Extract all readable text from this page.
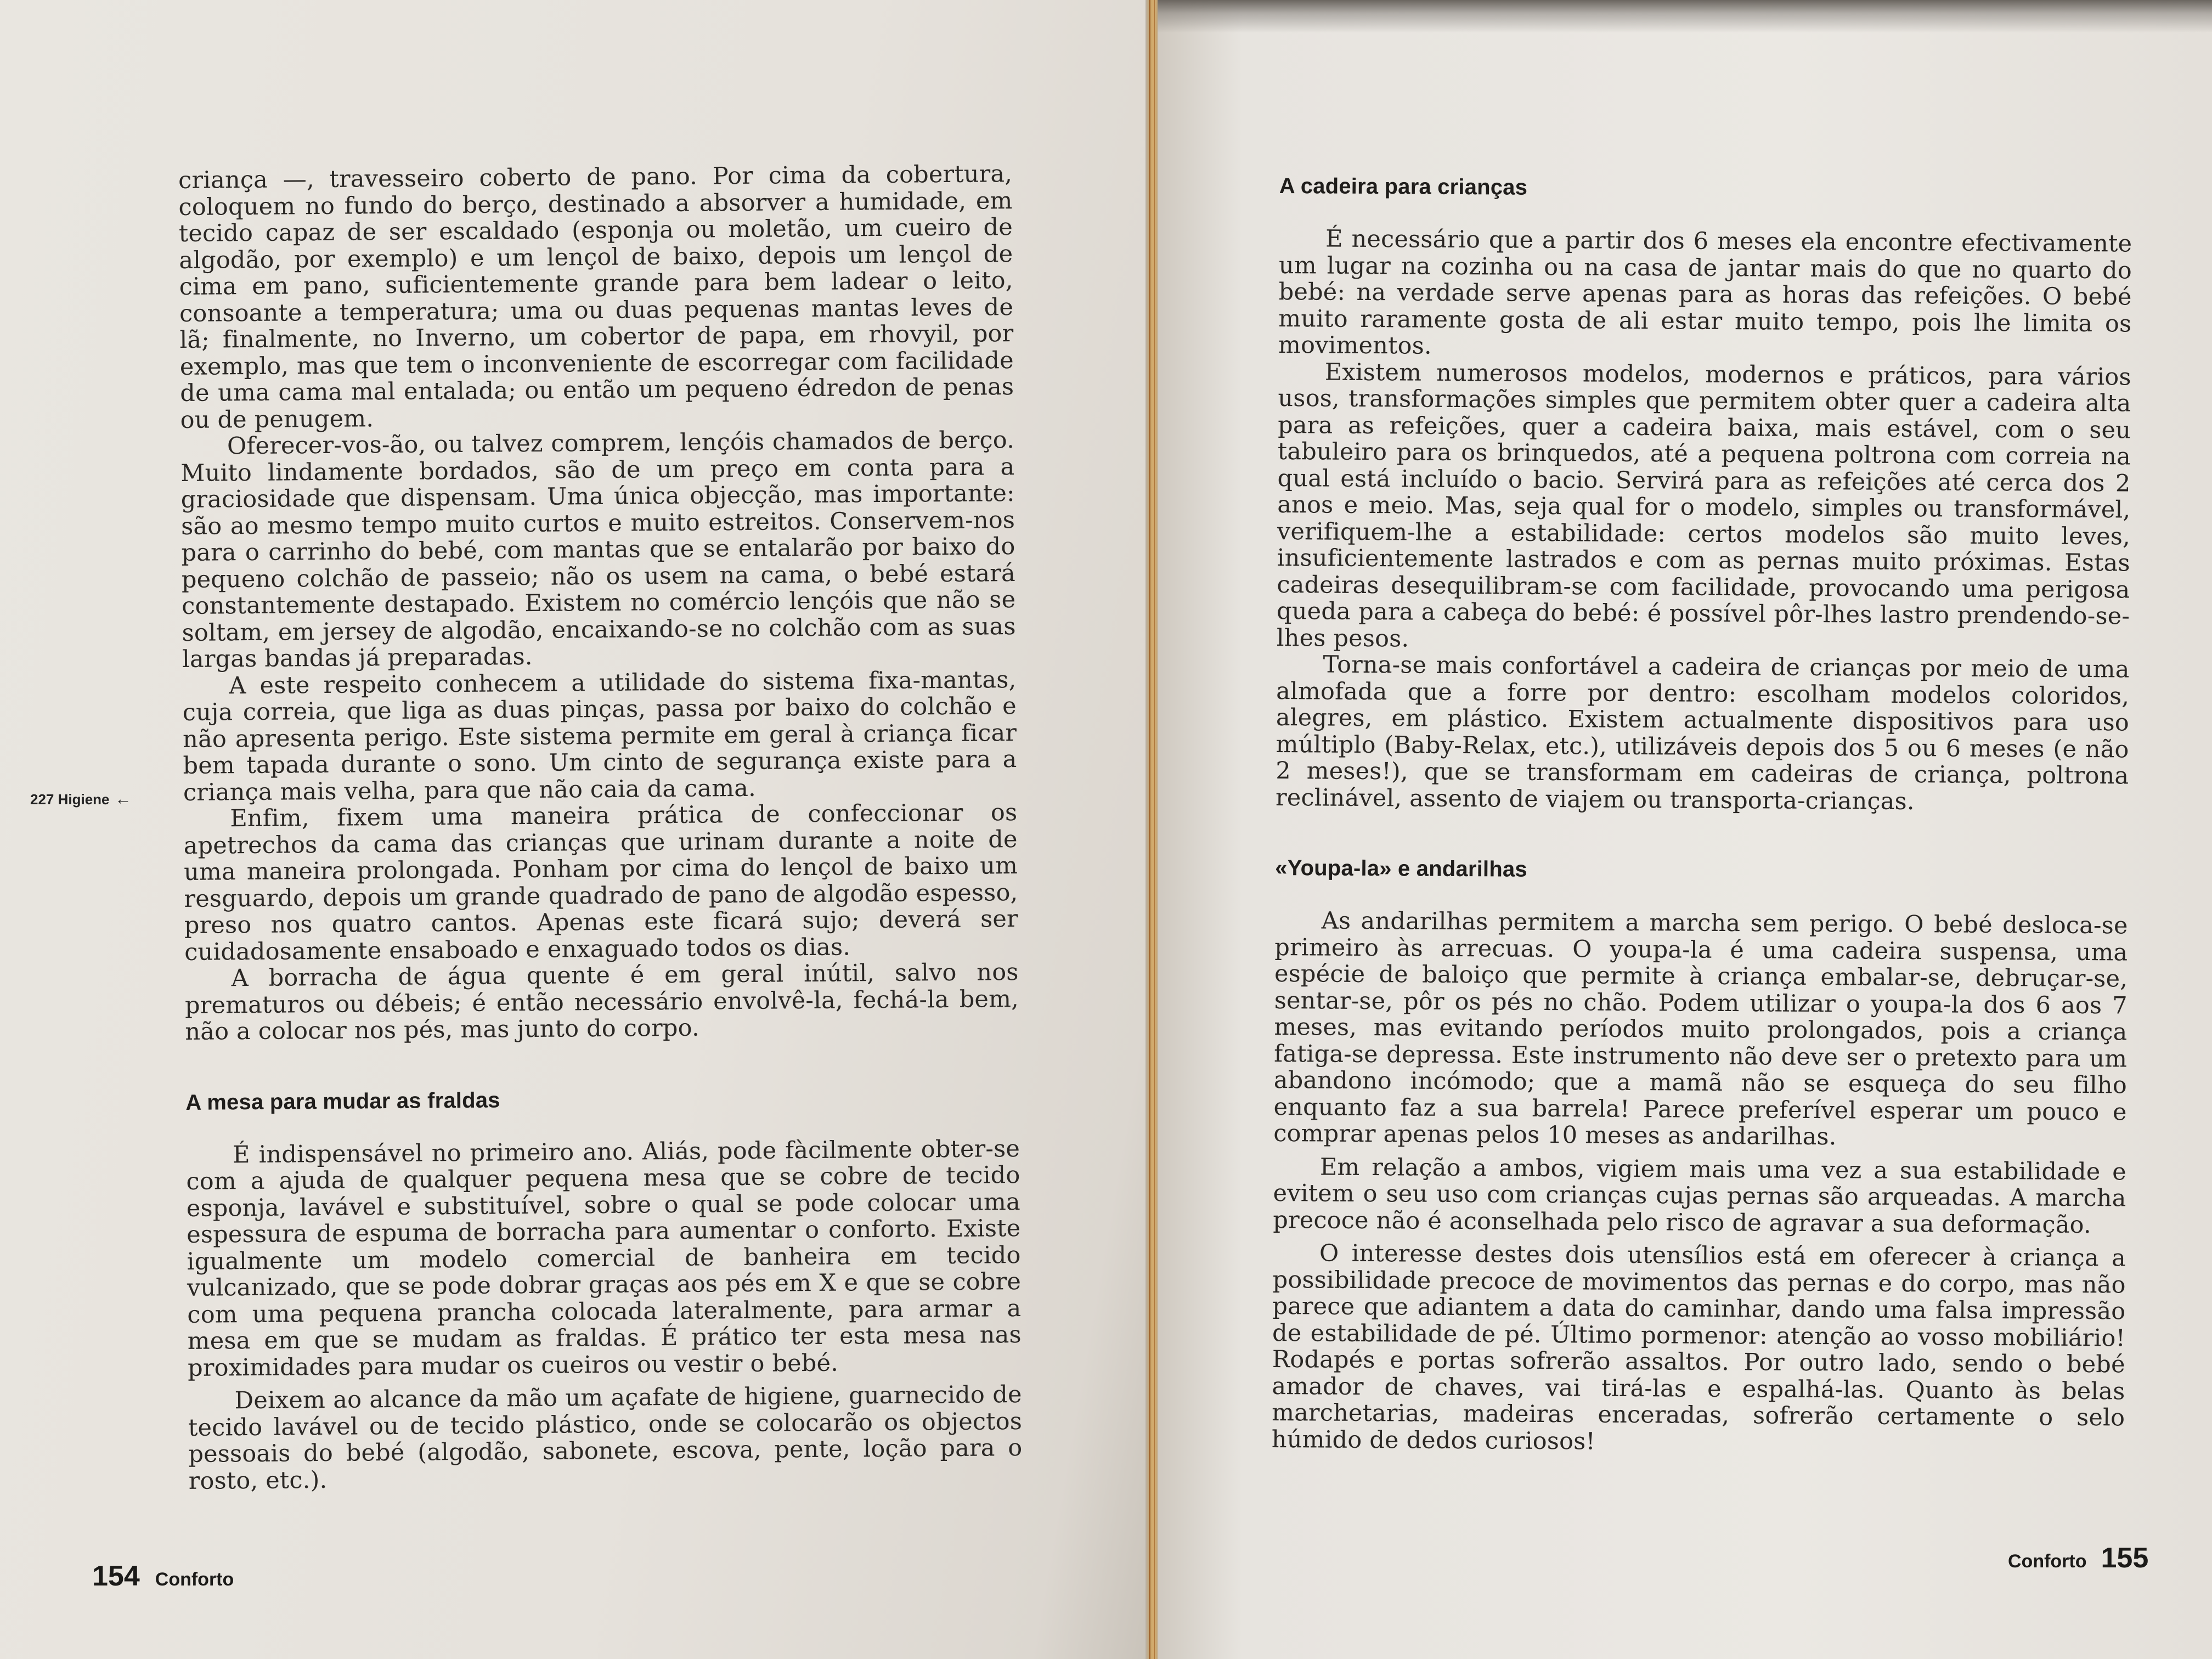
criança —, travesseiro coberto de pano. Por cima da cobertura, coloquem no fundo do berço, destinado a absorver a humidade, em tecido capaz de ser escaldado (esponja ou moletão, um cueiro de algodão, por exemplo) e um lençol de baixo, depois um lençol de cima em pano, suficientemente grande para bem ladear o leito, consoante a temperatura; uma ou duas pequenas mantas leves de lã; finalmente, no Inverno, um cobertor de papa, em rhovyil, por exemplo, mas que tem o inconveniente de escorregar com facilidade de uma cama mal entalada; ou então um pequeno édredon de penas ou de penugem.

Oferecer-vos-ão, ou talvez comprem, lençóis chamados de berço. Muito lindamente bordados, são de um preço em conta para a graciosidade que dispensam. Uma única objecção, mas importante: são ao mesmo tempo muito curtos e muito estreitos. Conservem-nos para o carrinho do bebé, com mantas que se entalarão por baixo do pequeno colchão de passeio; não os usem na cama, o bebé estará constantemente destapado. Existem no comércio lençóis que não se soltam, em jersey de algodão, encaixando-se no colchão com as suas largas bandas já preparadas.

A este respeito conhecem a utilidade do sistema fixa-mantas, cuja correia, que liga as duas pinças, passa por baixo do colchão e não apresenta perigo. Este sistema permite em geral à criança ficar bem tapada durante o sono. Um cinto de segurança existe para a criança mais velha, para que não caia da cama.

Enfim, fixem uma maneira prática de confeccionar os apetrechos da cama das crianças que urinam durante a noite de uma maneira prolongada. Ponham por cima do lençol de baixo um resguardo, depois um grande quadrado de pano de algodão espesso, preso nos quatro cantos. Apenas este ficará sujo; deverá ser cuidadosamente ensaboado e enxaguado todos os dias.

A borracha de água quente é em geral inútil, salvo nos prematuros ou débeis; é então necessário envolvê-la, fechá-la bem, não a colocar nos pés, mas junto do corpo.

A mesa para mudar as fraldas

É indispensável no primeiro ano. Aliás, pode fàcilmente obter-se com a ajuda de qualquer pequena mesa que se cobre de tecido esponja, lavável e substituível, sobre o qual se pode colocar uma espessura de espuma de borracha para aumentar o conforto. Existe igualmente um modelo comercial de banheira em tecido vulcanizado, que se pode dobrar graças aos pés em X e que se cobre com uma pequena prancha colocada lateralmente, para armar a mesa em que se mudam as fraldas. É prático ter esta mesa nas proximidades para mudar os cueiros ou vestir o bebé.

Deixem ao alcance da mão um açafate de higiene, guarnecido de tecido lavável ou de tecido plástico, onde se colocarão os objectos pessoais do bebé (algodão, sabonete, escova, pente, loção para o rosto, etc.).

227 Higiene ←
154 Conforto
A cadeira para crianças

É necessário que a partir dos 6 meses ela encontre efectivamente um lugar na cozinha ou na casa de jantar mais do que no quarto do bebé: na verdade serve apenas para as horas das refeições. O bebé muito raramente gosta de ali estar muito tempo, pois lhe limita os movimentos.

Existem numerosos modelos, modernos e práticos, para vários usos, transformações simples que permitem obter quer a cadeira alta para as refeições, quer a cadeira baixa, mais estável, com o seu tabuleiro para os brinquedos, até a pequena poltrona com correia na qual está incluído o bacio. Servirá para as refeições até cerca dos 2 anos e meio. Mas, seja qual for o modelo, simples ou transformável, verifiquem-lhe a estabilidade: certos modelos são muito leves, insuficientemente lastrados e com as pernas muito próximas. Estas cadeiras desequilibram-se com facilidade, provocando uma perigosa queda para a cabeça do bebé: é possível pôr-lhes lastro prendendo-se-lhes pesos.

Torna-se mais confortável a cadeira de crianças por meio de uma almofada que a forre por dentro: escolham modelos coloridos, alegres, em plástico. Existem actualmente dispositivos para uso múltiplo (Baby-Relax, etc.), utilizáveis depois dos 5 ou 6 meses (e não 2 meses!), que se transformam em cadeiras de criança, poltrona reclinável, assento de viajem ou transporta-crianças.

«Youpa-la» e andarilhas

As andarilhas permitem a marcha sem perigo. O bebé desloca-se primeiro às arrecuas. O youpa-la é uma cadeira suspensa, uma espécie de baloiço que permite à criança embalar-se, debruçar-se, sentar-se, pôr os pés no chão. Podem utilizar o youpa-la dos 6 aos 7 meses, mas evitando períodos muito prolongados, pois a criança fatiga-se depressa. Este instrumento não deve ser o pretexto para um abandono incómodo; que a mamã não se esqueça do seu filho enquanto faz a sua barrela! Parece preferível esperar um pouco e comprar apenas pelos 10 meses as andarilhas.

Em relação a ambos, vigiem mais uma vez a sua estabilidade e evitem o seu uso com crianças cujas pernas são arqueadas. A marcha precoce não é aconselhada pelo risco de agravar a sua deformação.

O interesse destes dois utensílios está em oferecer à criança a possibilidade precoce de movimentos das pernas e do corpo, mas não parece que adiantem a data do caminhar, dando uma falsa impressão de estabilidade de pé. Último pormenor: atenção ao vosso mobiliário! Rodapés e portas sofrerão assaltos. Por outro lado, sendo o bebé amador de chaves, vai tirá-las e espalhá-las. Quanto às belas marchetarias, madeiras enceradas, sofrerão certamente o selo húmido de dedos curiosos!

Conforto 155
